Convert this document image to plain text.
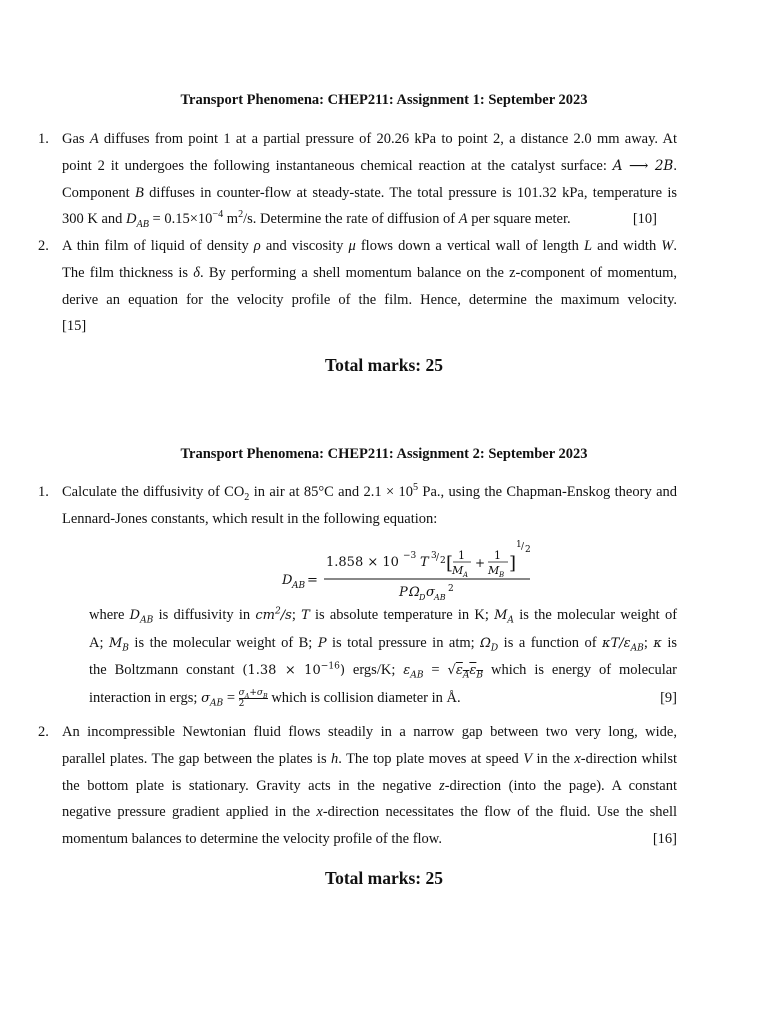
Transport Phenomena: CHEP211: Assignment 1: September 2023
1. Gas A diffuses from point 1 at a partial pressure of 20.26 kPa to point 2, a distance 2.0 mm away. At
point 2 it undergoes the following instantaneous chemical reaction at the catalyst surface: A ⟶ 2B.
Component B diffuses in counter-flow at steady-state. The total pressure is 101.32 kPa, temperature is
300 K and $D_{AB} = 0.15\times 10^{-4}$ $m^2/s$. Determine the rate of diffusion of A per square meter.	[10]
2. A thin film of liquid of density ρ and viscosity μ flows down a vertical wall of length L and width W.
The film thickness is δ. By performing a shell momentum balance on the z-component of momentum,
derive an equation for the velocity profile of the film. Hence, determine the maximum velocity.
[15]
Total marks: 25
Transport Phenomena: CHEP211: Assignment 2: September 2023
1. Calculate the diffusivity of $CO_2$ in air at 85°C and $2.1 \times 10^5$ Pa., using the Chapman-Enskog theory and
Lennard-Jones constants, which result in the following equation:
D AB =
1.858 × 10 −3 T 3 / 2 [ 1
M A
+
1
M B
]
1 / 2
P Ω D σ AB
2
where $D_{AB}$ is diffusivity in $cm^2/s$; T is absolute temperature in K; $M_A$ is the molecular weight of
A; $M_B$ is the molecular weight of B; P is total pressure in atm; $\Omega_D$ is a function of $\kappa T/\varepsilon_{AB}$; κ is
the Boltzmann constant $(1.38 \times 10^{-16})$ ergs/K; $\varepsilon_{AB} = √\varepsilon_A\varepsilon_B$ which is energy of molecular
interaction in ergs; $\sigma_{AB} = \frac{\sigma_A+\sigma_B}{2}$ which is collision diameter in Å.	[9]
2. An incompressible Newtonian fluid flows steadily in a narrow gap between two very long, wide,
parallel plates. The gap between the plates is h. The top plate moves at speed V in the x-direction whilst
the bottom plate is stationary. Gravity acts in the negative z-direction (into the page). A constant
negative pressure gradient applied in the x-direction necessitates the flow of the fluid. Use the shell
momentum balances to determine the velocity profile of the flow.	[16]
Total marks: 25
